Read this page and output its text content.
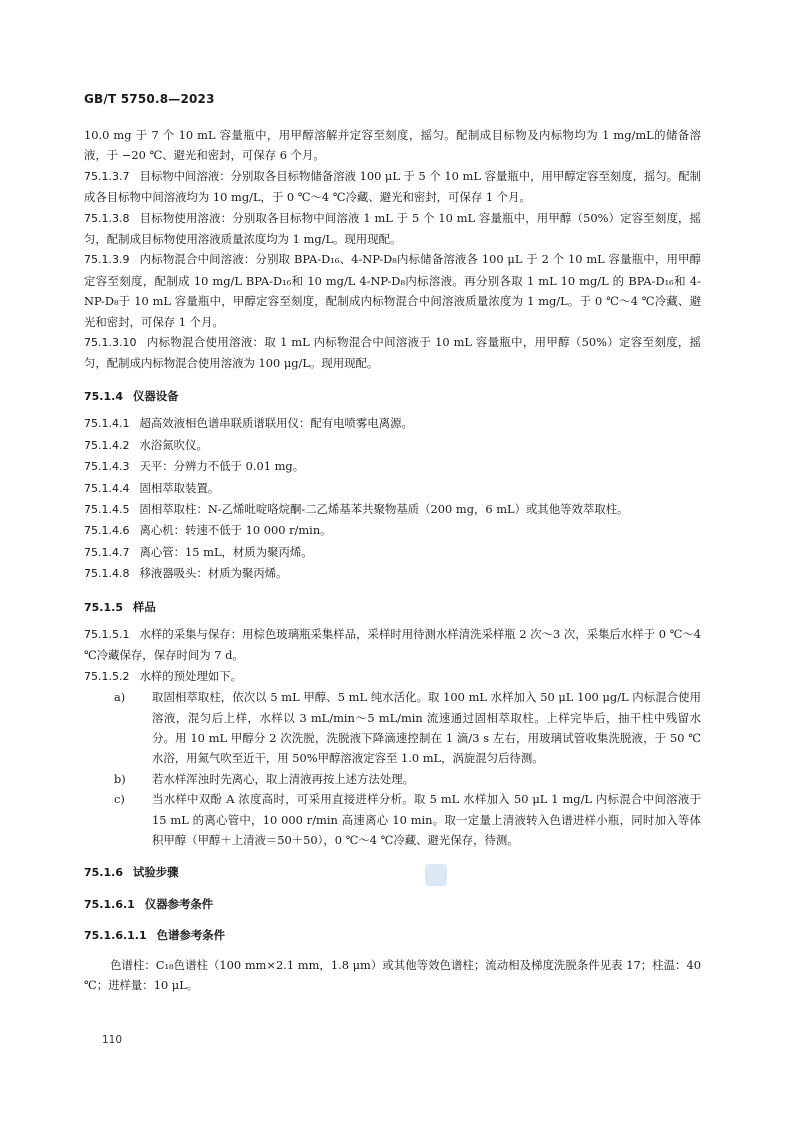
GB/T 5750.8—2023

10.0 mg 于 7 个 10 mL 容量瓶中，用甲醇溶解并定容至刻度，摇匀。配制成目标物及内标物均为 1 mg/mL的储备溶液，于 −20 ℃、避光和密封，可保存 6 个月。

75.1.3.7 目标物中间溶液：分别取各目标物储备溶液 100 μL 于 5 个 10 mL 容量瓶中，用甲醇定容至刻度，摇匀。配制成各目标物中间溶液均为 10 mg/L，于 0 ℃～4 ℃冷藏、避光和密封，可保存 1 个月。

75.1.3.8 目标物使用溶液：分别取各目标物中间溶液 1 mL 于 5 个 10 mL 容量瓶中，用甲醇（50%）定容至刻度，摇匀，配制成目标物使用溶液质量浓度均为 1 mg/L。现用现配。

75.1.3.9 内标物混合中间溶液：分别取 BPA-D₁₆、4-NP-D₈内标储备溶液各 100 μL 于 2 个 10 mL 容量瓶中，用甲醇定容至刻度，配制成 10 mg/L BPA-D₁₆和 10 mg/L 4-NP-D₈内标溶液。再分别各取 1 mL 10 mg/L 的 BPA-D₁₆和 4-NP-D₈于 10 mL 容量瓶中，甲醇定容至刻度，配制成内标物混合中间溶液质量浓度为 1 mg/L。于 0 ℃～4 ℃冷藏、避光和密封，可保存 1 个月。

75.1.3.10 内标物混合使用溶液：取 1 mL 内标物混合中间溶液于 10 mL 容量瓶中，用甲醇（50%）定容至刻度，摇匀，配制成内标物混合使用溶液为 100 μg/L。现用现配。

75.1.4 仪器设备

75.1.4.1 超高效液相色谱串联质谱联用仪：配有电喷雾电离源。

75.1.4.2 水浴氮吹仪。

75.1.4.3 天平：分辨力不低于 0.01 mg。

75.1.4.4 固相萃取装置。

75.1.4.5 固相萃取柱：N-乙烯吡啶咯烷酮-二乙烯基苯共聚物基质（200 mg，6 mL）或其他等效萃取柱。

75.1.4.6 离心机：转速不低于 10 000 r/min。

75.1.4.7 离心管：15 mL，材质为聚丙烯。

75.1.4.8 移液器吸头：材质为聚丙烯。

75.1.5 样品

75.1.5.1 水样的采集与保存：用棕色玻璃瓶采集样品，采样时用待测水样清洗采样瓶 2 次～3 次，采集后水样于 0 ℃～4 ℃冷藏保存，保存时间为 7 d。

75.1.5.2 水样的预处理如下。

a)	取固相萃取柱，依次以 5 mL 甲醇、5 mL 纯水活化。取 100 mL 水样加入 50 μL 100 μg/L 内标混合使用溶液，混匀后上样，水样以 3 mL/min～5 mL/min 流速通过固相萃取柱。上样完毕后，抽干柱中残留水分。用 10 mL 甲醇分 2 次洗脱，洗脱液下降滴速控制在 1 滴/3 s 左右，用玻璃试管收集洗脱液，于 50 ℃水浴，用氮气吹至近干，用 50%甲醇溶液定容至 1.0 mL，涡旋混匀后待测。
b)	若水样浑浊时先离心，取上清液再按上述方法处理。
c)	当水样中双酚 A 浓度高时，可采用直接进样分析。取 5 mL 水样加入 50 μL 1 mg/L 内标混合中间溶液于 15 mL 的离心管中，10 000 r/min 高速离心 10 min。取一定量上清液转入色谱进样小瓶，同时加入等体积甲醇（甲醇＋上清液＝50＋50），0 ℃～4 ℃冷藏、避光保存，待测。
75.1.6 试验步骤
75.1.6.1 仪器参考条件
75.1.6.1.1 色谱参考条件

色谱柱：C₁₈色谱柱（100 mm×2.1 mm，1.8 μm）或其他等效色谱柱；流动相及梯度洗脱条件见表 17；柱温：40 ℃；进样量：10 μL。

110
